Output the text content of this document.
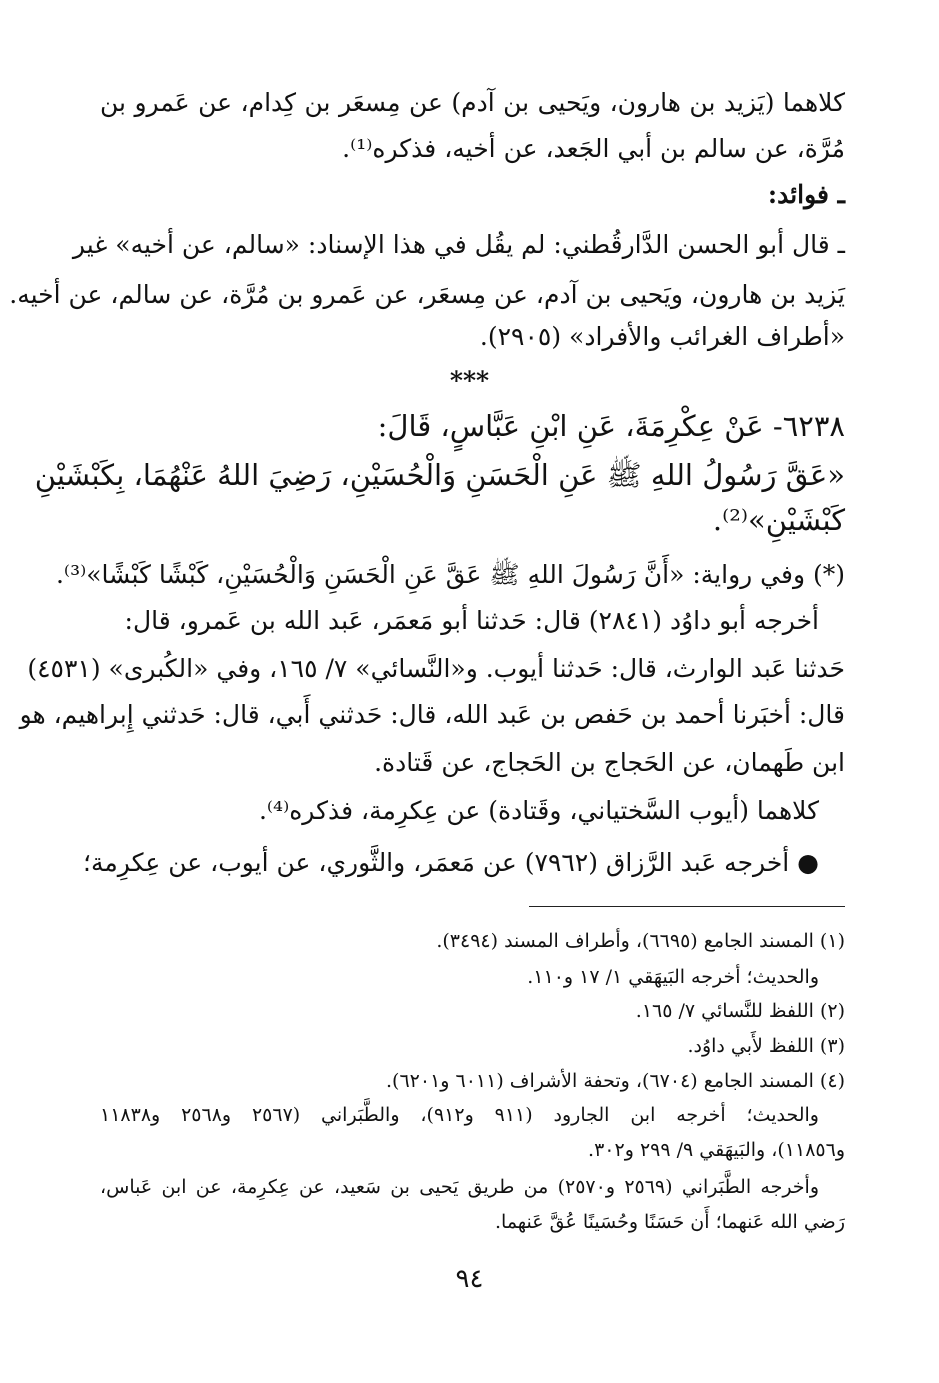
كلاهما (يَزيد بن هارون، ويَحيى بن آدم) عن مِسعَر بن كِدام، عن عَمرو بن
مُرَّة، عن سالم بن أبي الجَعد، عن أخيه، فذكره⁽¹⁾.
ـ فوائد:
ـ قال أبو الحسن الدَّارقُطني: لم يقُل في هذا الإسناد: «سالم، عن أخيه» غير
يَزيد بن هارون، ويَحيى بن آدم، عن مِسعَر، عن عَمرو بن مُرَّة، عن سالم، عن أخيه.
«أطراف الغرائب والأفراد» (٢٩٠٥).
***
٦٢٣٨- عَنْ عِكْرِمَةَ، عَنِ ابْنِ عَبَّاسٍ، قَالَ:
«عَقَّ رَسُولُ اللهِ ﷺ عَنِ الْحَسَنِ وَالْحُسَيْنِ، رَضِيَ اللهُ عَنْهُمَا، بِكَبْشَيْنِ
كَبْشَيْنِ»⁽²⁾.
(*) وفي رواية: «أَنَّ رَسُولَ اللهِ ﷺ عَقَّ عَنِ الْحَسَنِ وَالْحُسَيْنِ، كَبْشًا كَبْشًا»⁽³⁾.
أخرجه أبو داوُد (٢٨٤١) قال: حَدثنا أبو مَعمَر، عَبد الله بن عَمرو، قال:
حَدثنا عَبد الوارث، قال: حَدثنا أيوب. و«النَّسائي» ٧/ ١٦٥، وفي «الكُبرى» (٤٥٣١)
قال: أخبَرنا أحمد بن حَفص بن عَبد الله، قال: حَدثني أَبي، قال: حَدثني إِبراهيم، هو
ابن طَهمان، عن الحَجاج بن الحَجاج، عن قَتادة.
كلاهما (أيوب السَّختياني، وقَتادة) عن عِكرِمة، فذكره⁽⁴⁾.
● أخرجه عَبد الرَّزاق (٧٩٦٢) عن مَعمَر، والثَّوري، عن أيوب، عن عِكرِمة؛
(١) المسند الجامع (٦٦٩٥)، وأطراف المسند (٣٤٩٤).
والحديث؛ أخرجه البَيهَقي ١/ ١٧ و١١٠.
(٢) اللفظ للنَّسائي ٧/ ١٦٥.
(٣) اللفظ لأَبي داوُد.
(٤) المسند الجامع (٦٧٠٤)، وتحفة الأشراف (٦٠١١ و٦٢٠١).
والحديث؛ أخرجه ابن الجارود (٩١١ و٩١٢)، والطَّبَراني (٢٥٦٧ و٢٥٦٨ و١١٨٣٨
و١١٨٥٦)، والبَيهَقي ٩/ ٢٩٩ و٣٠٢.
وأخرجه الطَّبَراني (٢٥٦٩ و٢٥٧٠) من طريق يَحيى بن سَعيد، عن عِكرِمة، عن ابن عَباس،
رَضي الله عَنهما؛ أَن حَسَنًا وحُسَينًا عُقَّ عَنهما.
٩٤
